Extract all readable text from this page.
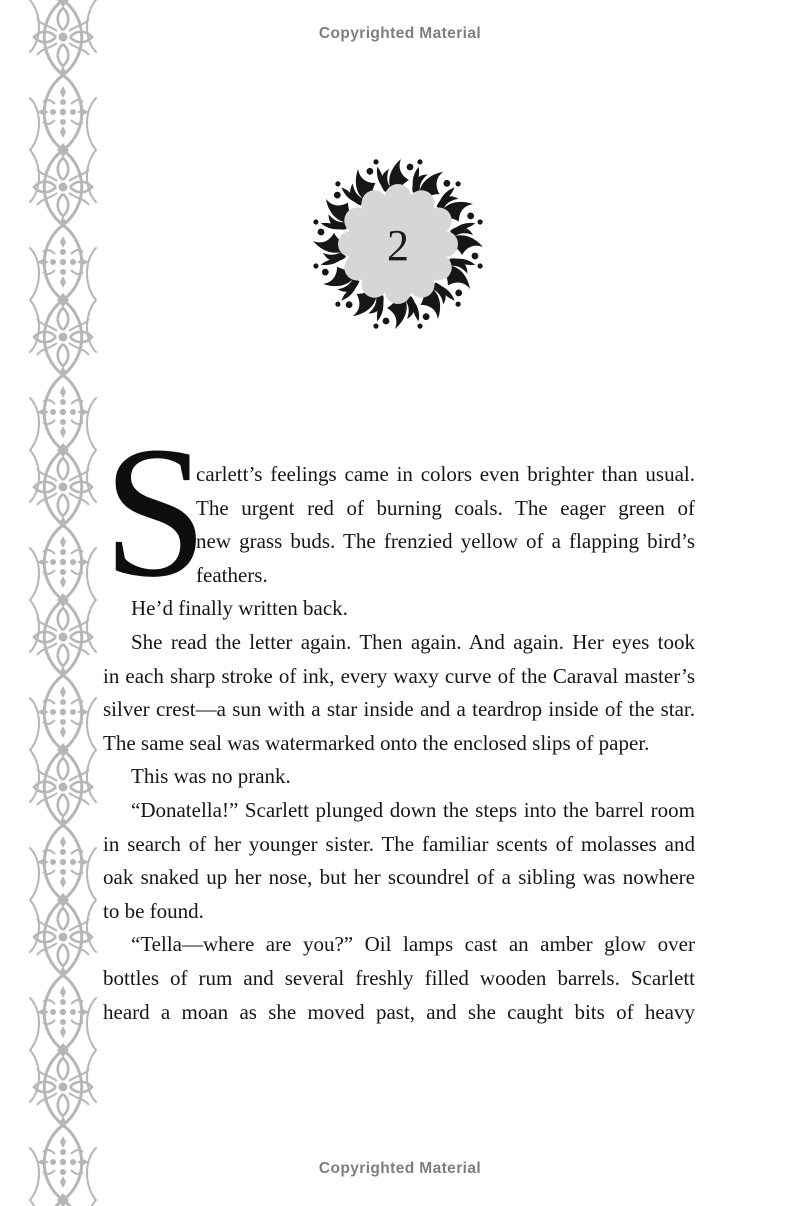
Copyrighted Material
2
S
carlett’s feelings came in colors even brighter than usual.
The urgent red of burning coals. The eager green of
new grass buds. The frenzied yellow of a flapping bird’s
feathers.
He’d finally written back.
She read the letter again. Then again. And again. Her eyes took
in each sharp stroke of ink, every waxy curve of the Caraval master’s
silver crest—a sun with a star inside and a teardrop inside of the star.
The same seal was watermarked onto the enclosed slips of paper.
This was no prank.
“Donatella!” Scarlett plunged down the steps into the barrel room
in search of her younger sister. The familiar scents of molasses and
oak snaked up her nose, but her scoundrel of a sibling was nowhere
to be found.
“Tella—where are you?” Oil lamps cast an amber glow over
bottles of rum and several freshly filled wooden barrels. Scarlett
heard a moan as she moved past, and she caught bits of heavy
Copyrighted Material
